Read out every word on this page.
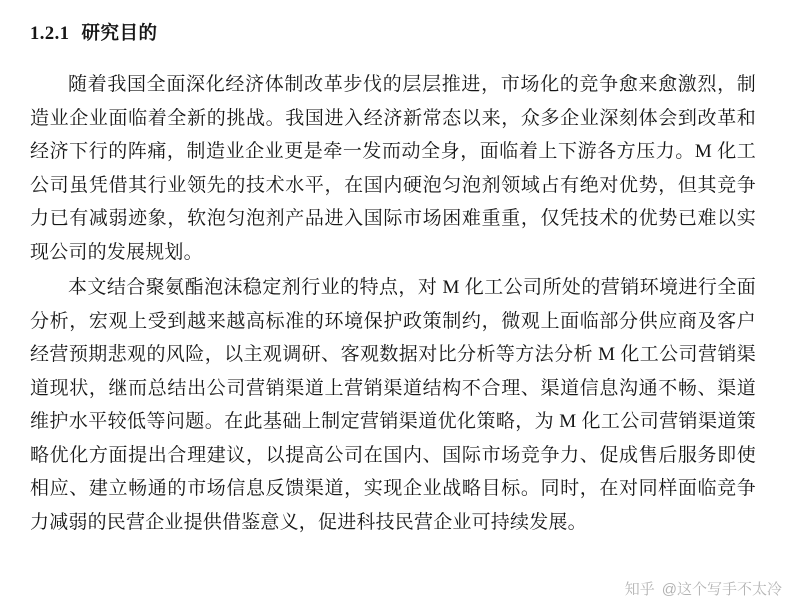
1.2.1 研究目的

随着我国全面深化经济体制改革步伐的层层推进，市场化的竞争愈来愈激烈，制造业企业面临着全新的挑战。我国进入经济新常态以来，众多企业深刻体会到改革和经济下行的阵痛，制造业企业更是牵一发而动全身，面临着上下游各方压力。M 化工公司虽凭借其行业领先的技术水平，在国内硬泡匀泡剂领域占有绝对优势，但其竞争力已有减弱迹象，软泡匀泡剂产品进入国际市场困难重重，仅凭技术的优势已难以实现公司的发展规划。

本文结合聚氨酯泡沫稳定剂行业的特点，对 M 化工公司所处的营销环境进行全面分析，宏观上受到越来越高标准的环境保护政策制约，微观上面临部分供应商及客户经营预期悲观的风险，以主观调研、客观数据对比分析等方法分析 M 化工公司营销渠道现状，继而总结出公司营销渠道上营销渠道结构不合理、渠道信息沟通不畅、渠道维护水平较低等问题。在此基础上制定营销渠道优化策略，为 M 化工公司营销渠道策略优化方面提出合理建议，以提高公司在国内、国际市场竞争力、促成售后服务即使相应、建立畅通的市场信息反馈渠道，实现企业战略目标。同时，在对同样面临竞争力减弱的民营企业提供借鉴意义，促进科技民营企业可持续发展。

知乎 @这个写手不太冷
